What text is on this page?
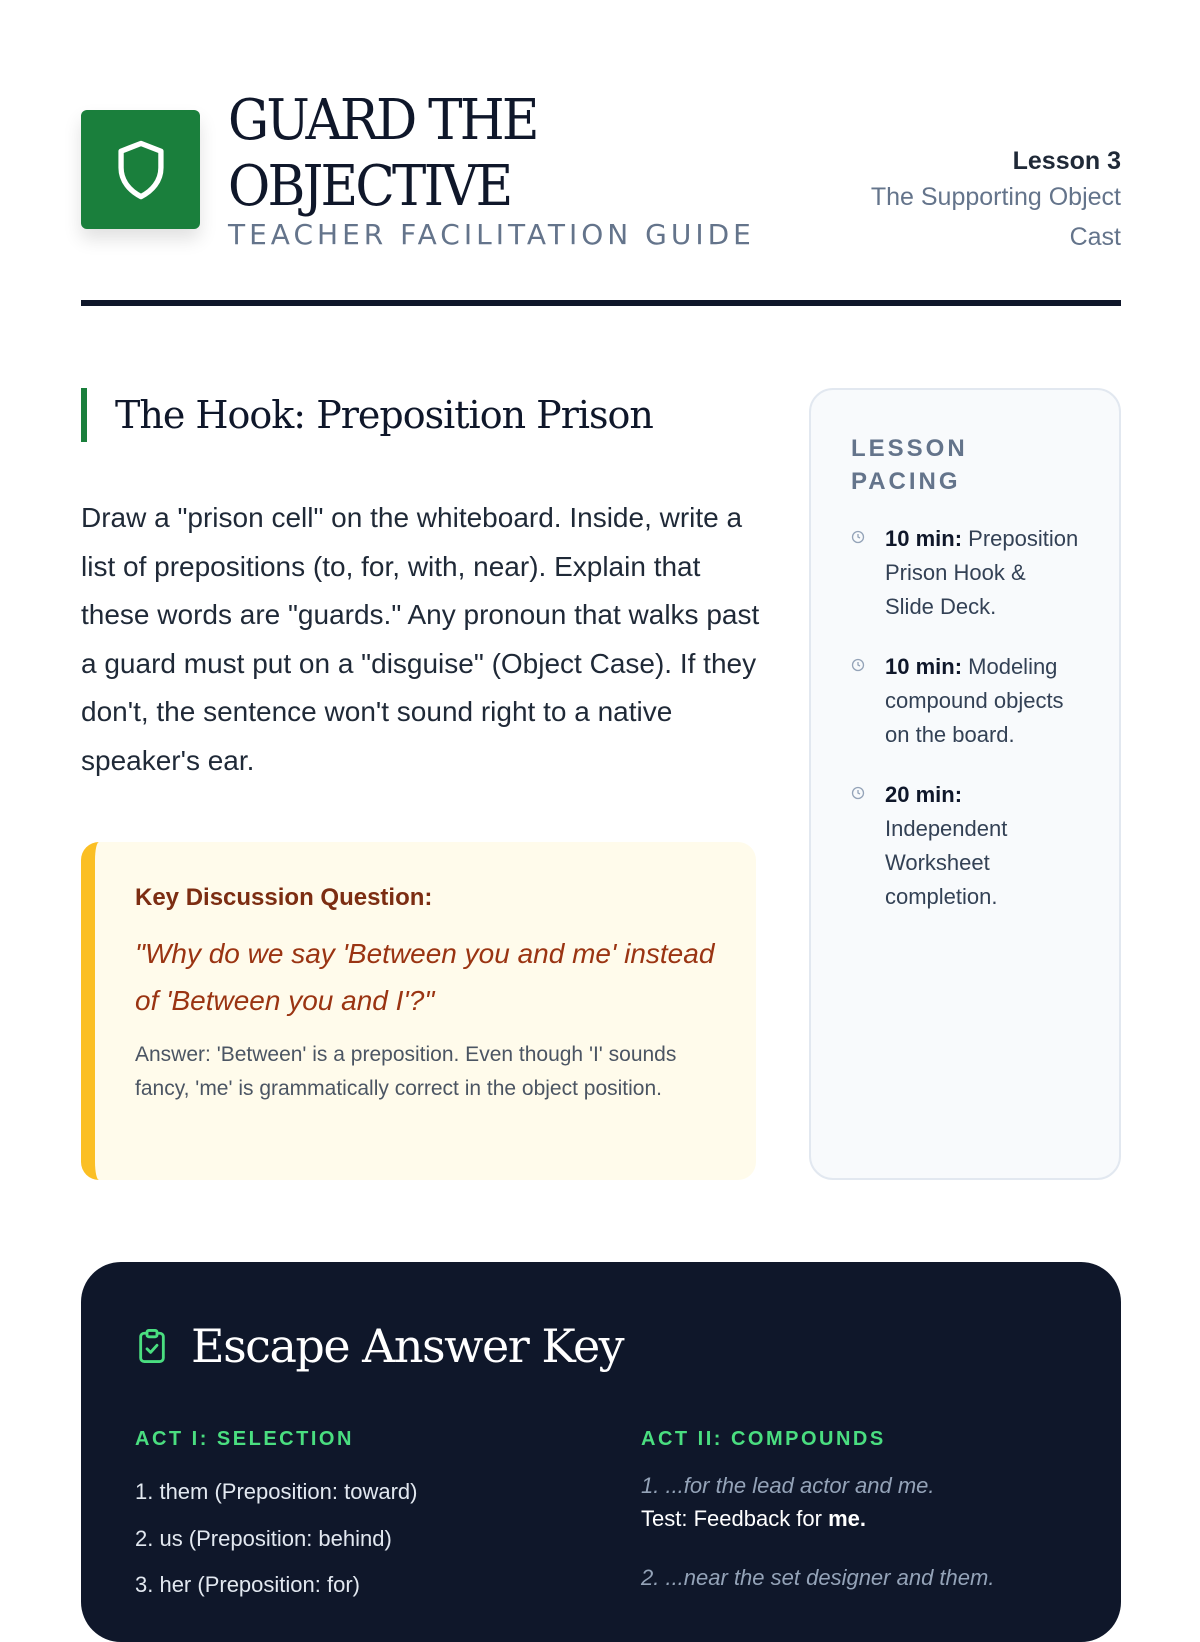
GUARD THE
OBJECTIVE
TEACHER FACILITATION GUIDE
Lesson 3
The Supporting Object Cast
The Hook: Preposition Prison
Draw a "prison cell" on the whiteboard. Inside, write a list of prepositions (to, for, with, near). Explain that these words are "guards." Any pronoun that walks past a guard must put on a "disguise" (Object Case). If they don't, the sentence won't sound right to a native speaker's ear.
Key Discussion Question:
"Why do we say 'Between you and me' instead of 'Between you and I'?"
Answer: 'Between' is a preposition. Even though 'I' sounds fancy, 'me' is grammatically correct in the object position.
LESSON PACING
10 min: Preposition Prison Hook & Slide Deck.
10 min: Modeling compound objects on the board.
20 min: Independent Worksheet completion.
Escape Answer Key
ACT I: SELECTION
1. them (Preposition: toward)
2. us (Preposition: behind)
3. her (Preposition: for)
ACT II: COMPOUNDS
1. ...for the lead actor and me.
Test: Feedback for me.
2. ...near the set designer and them.
